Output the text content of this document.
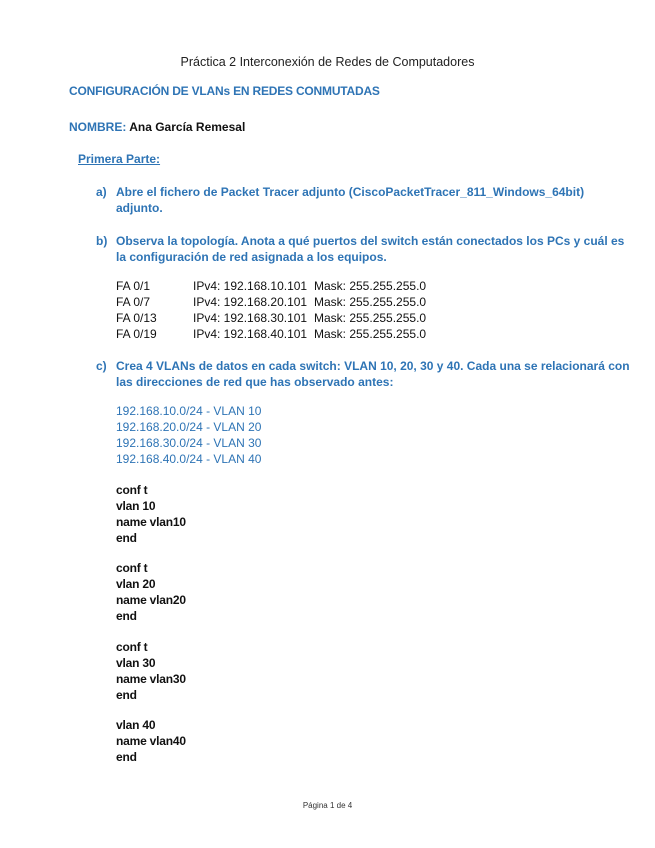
Práctica 2 Interconexión de Redes de Computadores
CONFIGURACIÓN DE VLANs EN REDES CONMUTADAS
NOMBRE: Ana García Remesal
Primera Parte:
a) Abre el fichero de Packet Tracer adjunto (CiscoPacketTracer_811_Windows_64bit)
adjunto.
b) Observa la topología. Anota a qué puertos del switch están conectados los PCs y cuál es
la configuración de red asignada a los equipos.
FA 0/1	IPv4: 192.168.10.101 Mask: 255.255.255.0
FA 0/7	IPv4: 192.168.20.101 Mask: 255.255.255.0
FA 0/13	IPv4: 192.168.30.101 Mask: 255.255.255.0
FA 0/19	IPv4: 192.168.40.101 Mask: 255.255.255.0
c) Crea 4 VLANs de datos en cada switch: VLAN 10, 20, 30 y 40. Cada una se relacionará con
las direcciones de red que has observado antes:
192.168.10.0/24 - VLAN 10
192.168.20.0/24 - VLAN 20
192.168.30.0/24 - VLAN 30
192.168.40.0/24 - VLAN 40
conf t
vlan 10
name vlan10
end
conf t
vlan 20
name vlan20
end
conf t
vlan 30
name vlan30
end
vlan 40
name vlan40
end
Página 1 de 4
